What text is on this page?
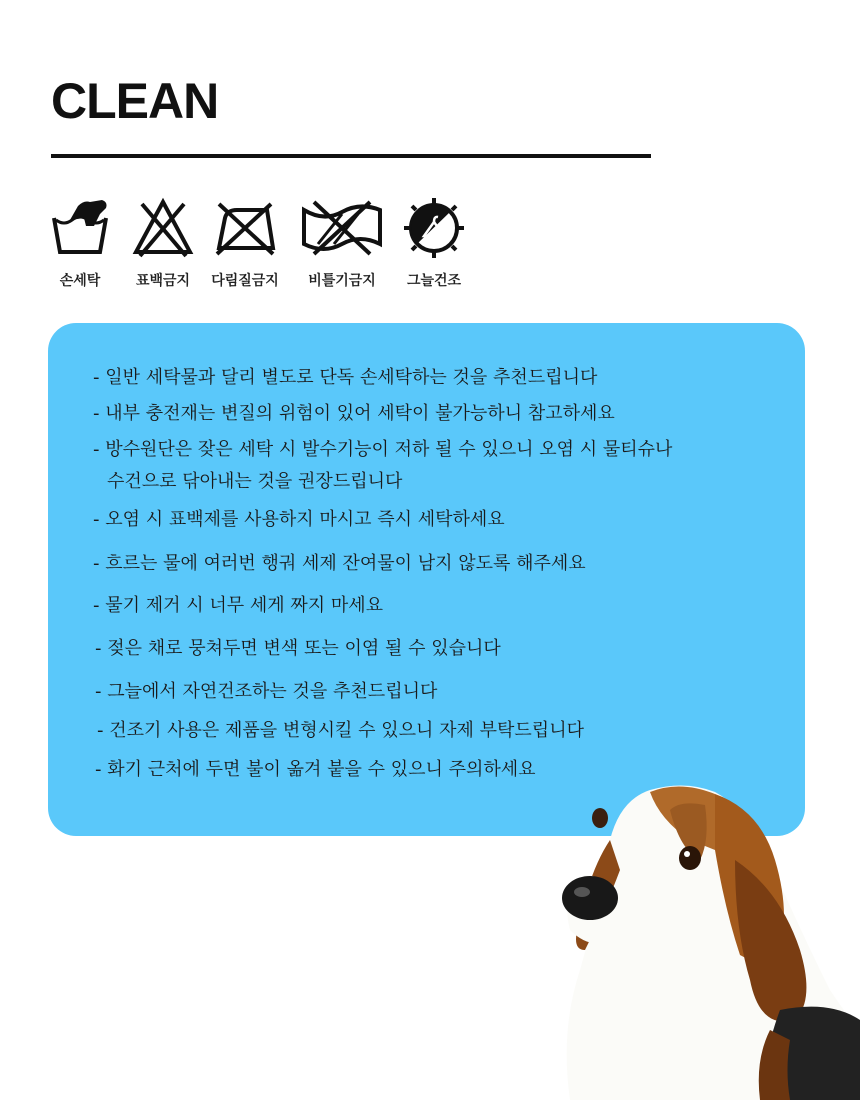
CLEAN
손세탁	표백금지 다림질금지 비틀기금지 그늘건조
- 일반 세탁물과 달리 별도로 단독 손세탁하는 것을 추천드립니다
- 내부 충전재는 변질의 위험이 있어 세탁이 불가능하니 참고하세요
- 방수원단은 잦은 세탁 시 발수기능이 저하 될 수 있으니 오염 시 물티슈나
수건으로 닦아내는 것을 권장드립니다
- 오염 시 표백제를 사용하지 마시고 즉시 세탁하세요
- 흐르는 물에 여러번 행궈 세제 잔여물이 남지 않도록 해주세요
- 물기 제거 시 너무 세게 짜지 마세요
- 젖은 채로 뭉쳐두면 변색 또는 이염 될 수 있습니다
- 그늘에서 자연건조하는 것을 추천드립니다
- 건조기 사용은 제품을 변형시킬 수 있으니 자제 부탁드립니다
- 화기 근처에 두면 불이 옮겨 붙을 수 있으니 주의하세요
